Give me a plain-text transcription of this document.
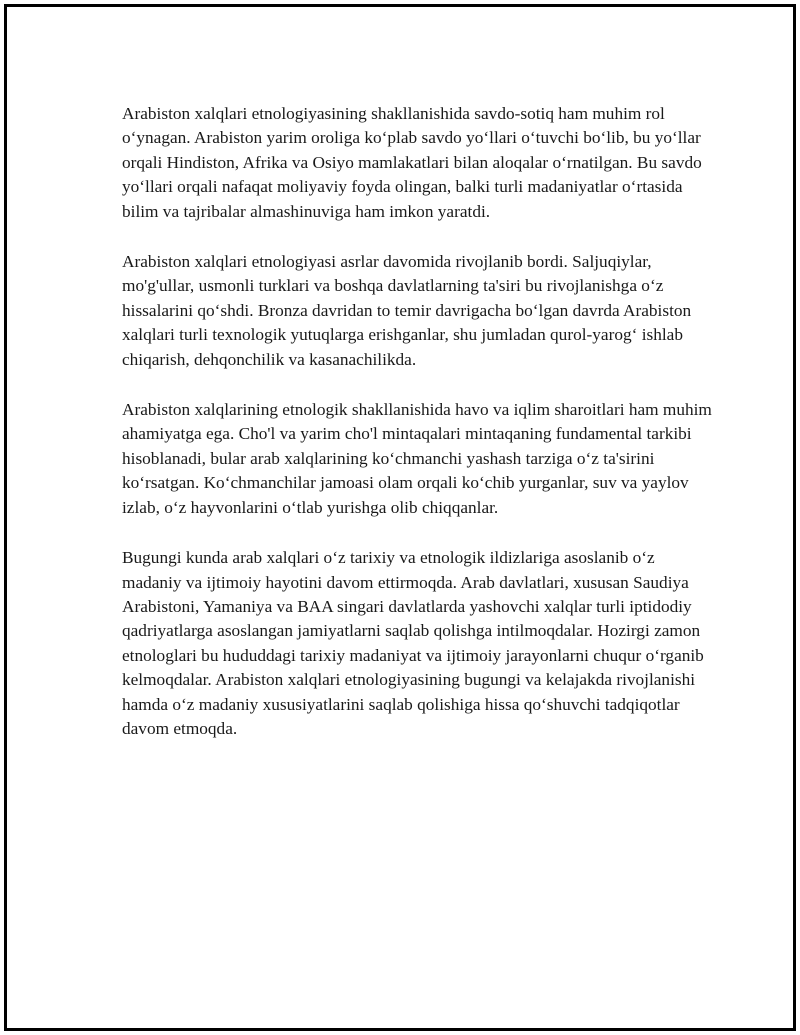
Arabiston xalqlari etnologiyasining shakllanishida savdo-sotiq ham muhim rol o‘ynagan. Arabiston yarim oroliga ko‘plab savdo yo‘llari o‘tuvchi bo‘lib, bu yo‘llar orqali Hindiston, Afrika va Osiyo mamlakatlari bilan aloqalar o‘rnatilgan. Bu savdo yo‘llari orqali nafaqat moliyaviy foyda olingan, balki turli madaniyatlar o‘rtasida bilim va tajribalar almashinuviga ham imkon yaratdi.

Arabiston xalqlari etnologiyasi asrlar davomida rivojlanib bordi. Saljuqiylar, mo'g'ullar, usmonli turklari va boshqa davlatlarning ta'siri bu rivojlanishga o‘z hissalarini qo‘shdi. Bronza davridan to temir davrigacha bo‘lgan davrda Arabiston xalqlari turli texnologik yutuqlarga erishganlar, shu jumladan qurol-yarog‘ ishlab chiqarish, dehqonchilik va kasanachilikda.

Arabiston xalqlarining etnologik shakllanishida havo va iqlim sharoitlari ham muhim ahamiyatga ega. Cho'l va yarim cho'l mintaqalari mintaqaning fundamental tarkibi hisoblanadi, bular arab xalqlarining ko‘chmanchi yashash tarziga o‘z ta'sirini ko‘rsatgan. Ko‘chmanchilar jamoasi olam orqali ko‘chib yurganlar, suv va yaylov izlab, o‘z hayvonlarini o‘tlab yurishga olib chiqqanlar.

Bugungi kunda arab xalqlari o‘z tarixiy va etnologik ildizlariga asoslanib o‘z madaniy va ijtimoiy hayotini davom ettirmoqda. Arab davlatlari, xususan Saudiya Arabistoni, Yamaniya va BAA singari davlatlarda yashovchi xalqlar turli iptidodiy qadriyatlarga asoslangan jamiyatlarni saqlab qolishga intilmoqdalar. Hozirgi zamon etnologlari bu hududdagi tarixiy madaniyat va ijtimoiy jarayonlarni chuqur o‘rganib kelmoqdalar. Arabiston xalqlari etnologiyasining bugungi va kelajakda rivojlanishi hamda o‘z madaniy xususiyatlarini saqlab qolishiga hissa qo‘shuvchi tadqiqotlar davom etmoqda.
